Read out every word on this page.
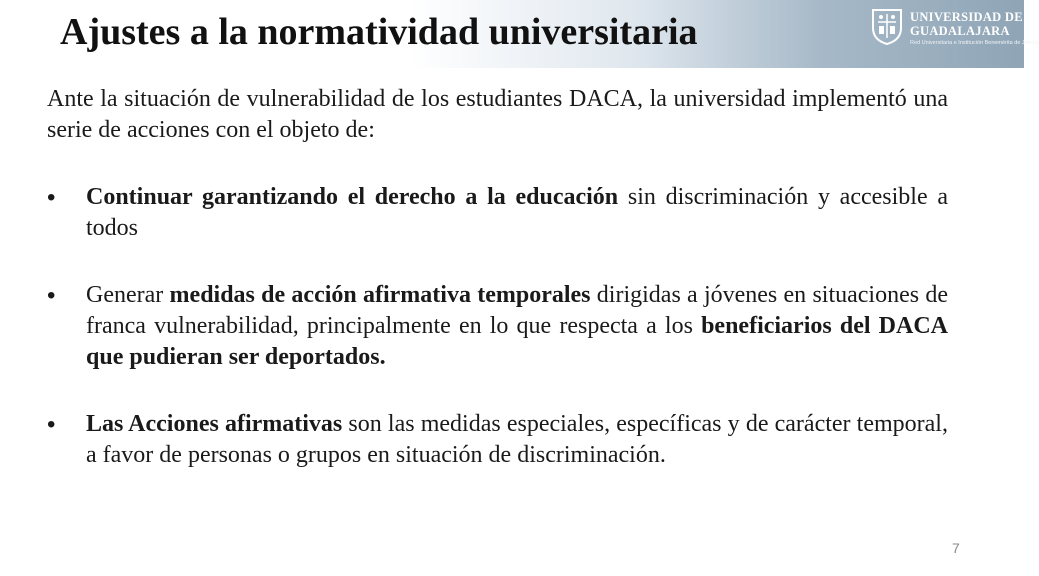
Ajustes a la normatividad universitaria	UNIVERSIDAD DE
GUADALAJARA
Red Universitaria e Institución Benemérita de Jalisco

Ante la situación de vulnerabilidad de los estudiantes DACA, la universidad implementó una serie de acciones con el objeto de:

• Continuar garantizando el derecho a la educación sin discriminación y accesible a todos
• Generar medidas de acción afirmativa temporales dirigidas a jóvenes en situaciones de franca vulnerabilidad, principalmente en lo que respecta a los beneficiarios del DACA que pudieran ser deportados.
• Las Acciones afirmativas son las medidas especiales, específicas y de carácter temporal, a favor de personas o grupos en situación de discriminación.
7
